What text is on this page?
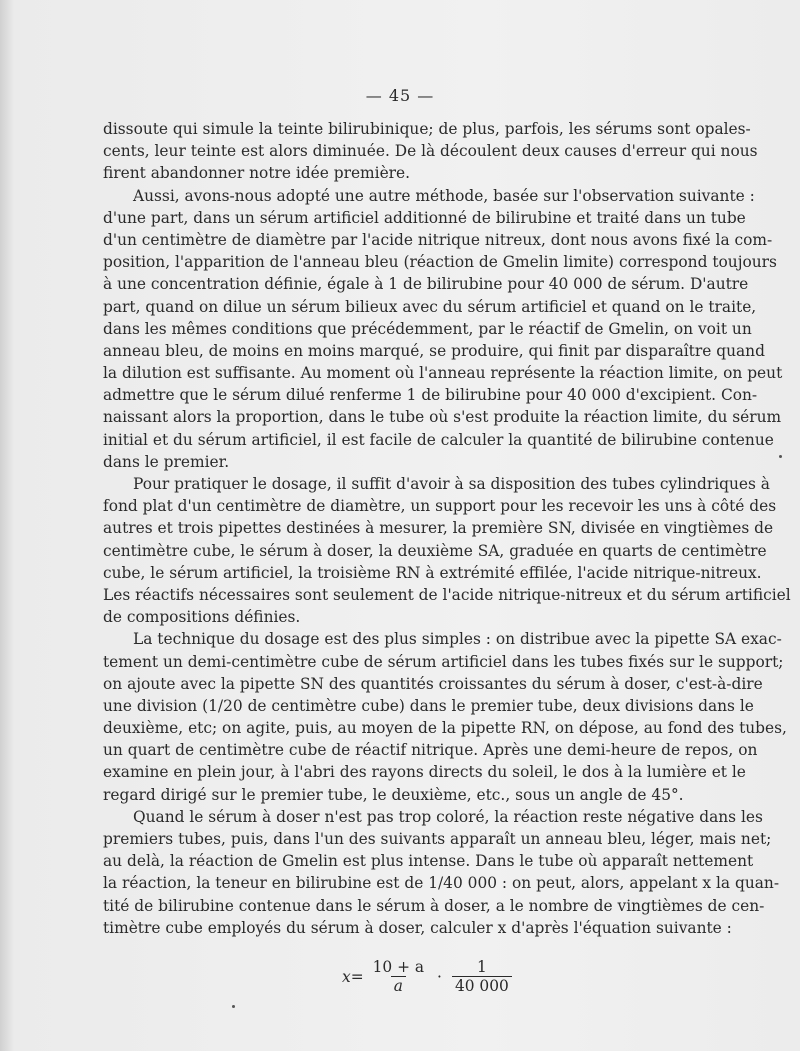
— 45 —
dissoute qui simule la teinte bilirubinique; de plus, parfois, les sérums sont opales-
cents, leur teinte est alors diminuée. De là découlent deux causes d'erreur qui nous
firent abandonner notre idée première.
Aussi, avons-nous adopté une autre méthode, basée sur l'observation suivante :
d'une part, dans un sérum artificiel additionné de bilirubine et traité dans un tube
d'un centimètre de diamètre par l'acide nitrique nitreux, dont nous avons fixé la com-
position, l'apparition de l'anneau bleu (réaction de Gmelin limite) correspond toujours
à une concentration définie, égale à 1 de bilirubine pour 40 000 de sérum. D'autre
part, quand on dilue un sérum bilieux avec du sérum artificiel et quand on le traite,
dans les mêmes conditions que précédemment, par le réactif de Gmelin, on voit un
anneau bleu, de moins en moins marqué, se produire, qui finit par disparaître quand
la dilution est suffisante. Au moment où l'anneau représente la réaction limite, on peut
admettre que le sérum dilué renferme 1 de bilirubine pour 40 000 d'excipient. Con-
naissant alors la proportion, dans le tube où s'est produite la réaction limite, du sérum
initial et du sérum artificiel, il est facile de calculer la quantité de bilirubine contenue
dans le premier.
Pour pratiquer le dosage, il suffit d'avoir à sa disposition des tubes cylindriques à
fond plat d'un centimètre de diamètre, un support pour les recevoir les uns à côté des
autres et trois pipettes destinées à mesurer, la première SN, divisée en vingtièmes de
centimètre cube, le sérum à doser, la deuxième SA, graduée en quarts de centimètre
cube, le sérum artificiel, la troisième RN à extrémité effilée, l'acide nitrique-nitreux.
Les réactifs nécessaires sont seulement de l'acide nitrique-nitreux et du sérum artificiel
de compositions définies.
La technique du dosage est des plus simples : on distribue avec la pipette SA exac-
tement un demi-centimètre cube de sérum artificiel dans les tubes fixés sur le support;
on ajoute avec la pipette SN des quantités croissantes du sérum à doser, c'est-à-dire
une division (1/20 de centimètre cube) dans le premier tube, deux divisions dans le
deuxième, etc; on agite, puis, au moyen de la pipette RN, on dépose, au fond des tubes,
un quart de centimètre cube de réactif nitrique. Après une demi-heure de repos, on
examine en plein jour, à l'abri des rayons directs du soleil, le dos à la lumière et le
regard dirigé sur le premier tube, le deuxième, etc., sous un angle de 45°.
Quand le sérum à doser n'est pas trop coloré, la réaction reste négative dans les
premiers tubes, puis, dans l'un des suivants apparaît un anneau bleu, léger, mais net;
au delà, la réaction de Gmelin est plus intense. Dans le tube où apparaît nettement
la réaction, la teneur en bilirubine est de 1/40 000 : on peut, alors, appelant x la quan-
tité de bilirubine contenue dans le sérum à doser, a le nombre de vingtièmes de cen-
timètre cube employés du sérum à doser, calculer x d'après l'équation suivante :
$x = \frac{10 + a}{a} \cdot \frac{1}{40 000}$
